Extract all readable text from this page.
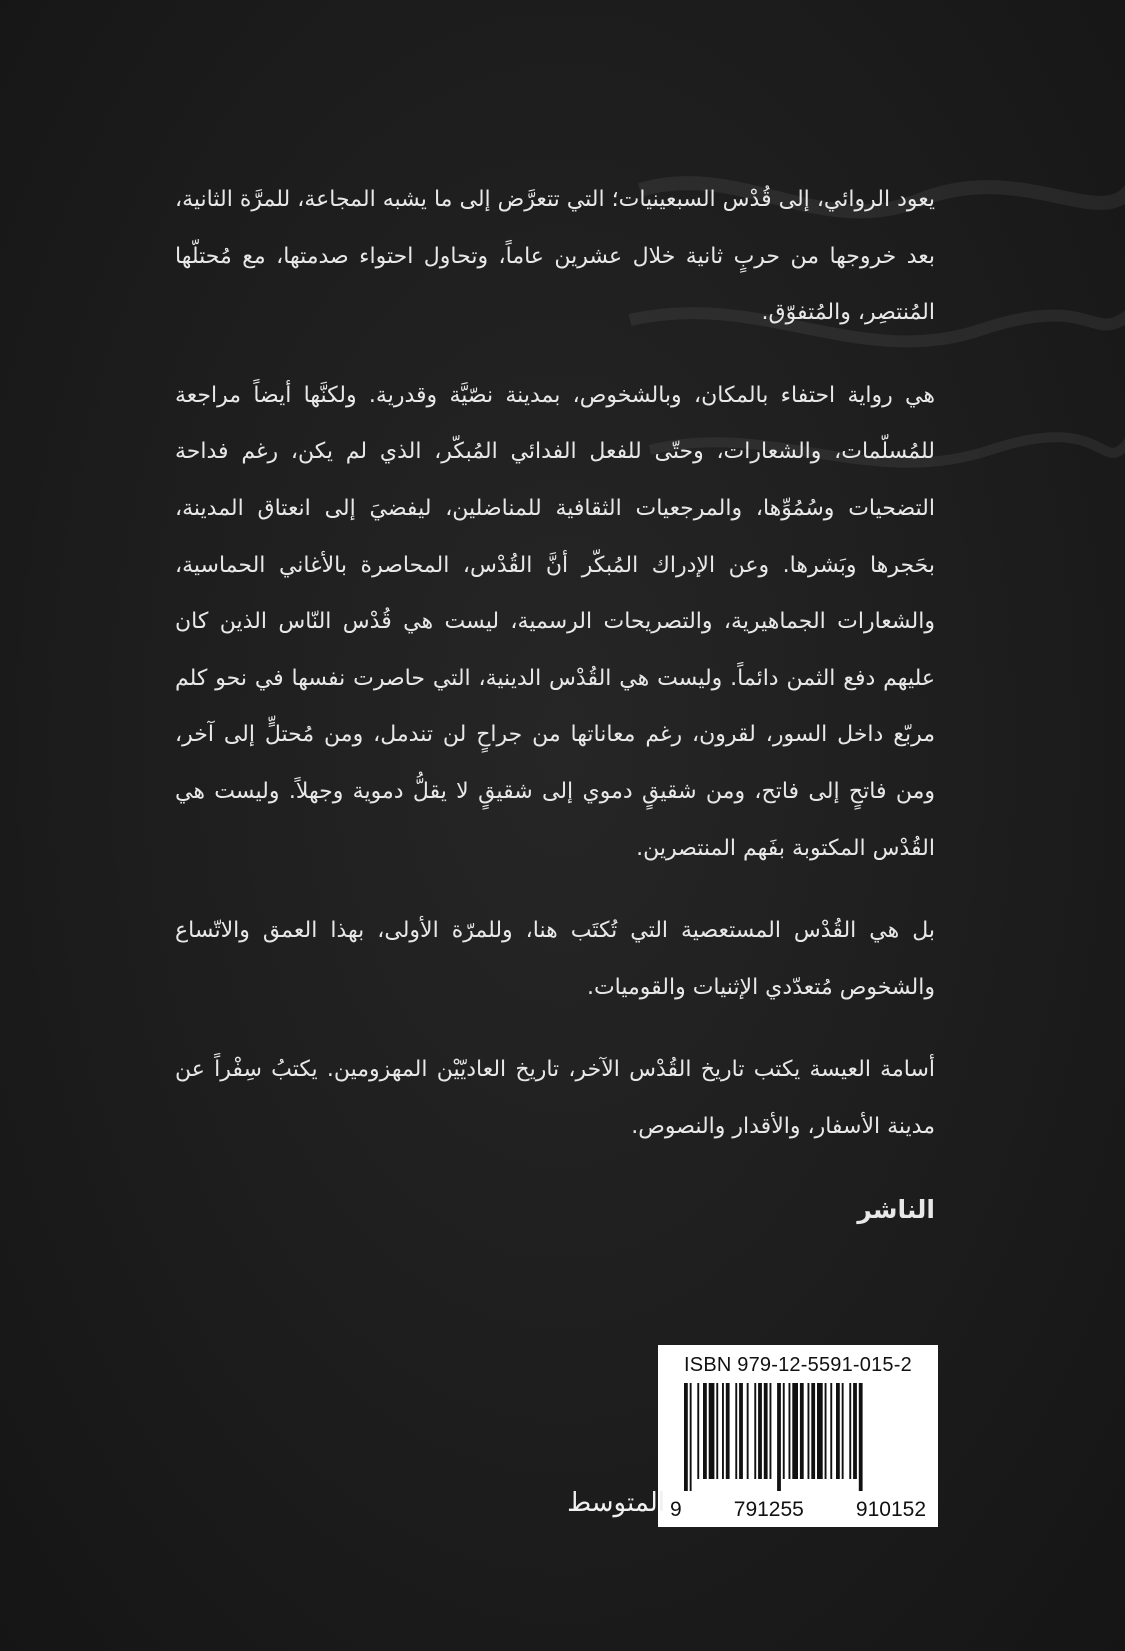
يعود الروائي، إلى قُدْس السبعينيات؛ التي تتعرَّض إلى ما يشبه المجاعة، للمرَّة الثانية، بعد خروجها من حربٍ ثانية خلال عشرين عاماً، وتحاول احتواء صدمتها، مع مُحتلّها المُنتصِر، والمُتفوّق.

هي رواية احتفاء بالمكان، وبالشخوص، بمدينة نصّيَّة وقدرية. ولكنَّها أيضاً مراجعة للمُسلّمات، والشعارات، وحتّى للفعل الفدائي المُبكّر، الذي لم يكن، رغم فداحة التضحيات وسُمُوِّها، والمرجعيات الثقافية للمناضلين، ليفضيَ إلى انعتاق المدينة، بحَجرها وبَشرها. وعن الإدراك المُبكّر أنَّ القُدْس، المحاصرة بالأغاني الحماسية، والشعارات الجماهيرية، والتصريحات الرسمية، ليست هي قُدْس النّاس الذين كان عليهم دفع الثمن دائماً. وليست هي القُدْس الدينية، التي حاصرت نفسها في نحو كلم مربّع داخل السور، لقرون، رغم معاناتها من جراحٍ لن تندمل، ومن مُحتلٍّ إلى آخر، ومن فاتحٍ إلى فاتح، ومن شقيقٍ دموي إلى شقيقٍ لا يقلُّ دموية وجهلاً. وليست هي القُدْس المكتوبة بفَهم المنتصرين.

بل هي القُدْس المستعصية التي تُكتَب هنا، وللمرّة الأولى، بهذا العمق والاتّساع والشخوص مُتعدّدي الإثنيات والقوميات.

أسامة العيسة يكتب تاريخ القُدْس الآخر، تاريخ العاديّيْن المهزومين. يكتبُ سِفْراً عن مدينة الأسفار، والأقدار والنصوص.

الناشر
ISBN 979-12-5591-015-2
9 791255 910152
المتوسط
